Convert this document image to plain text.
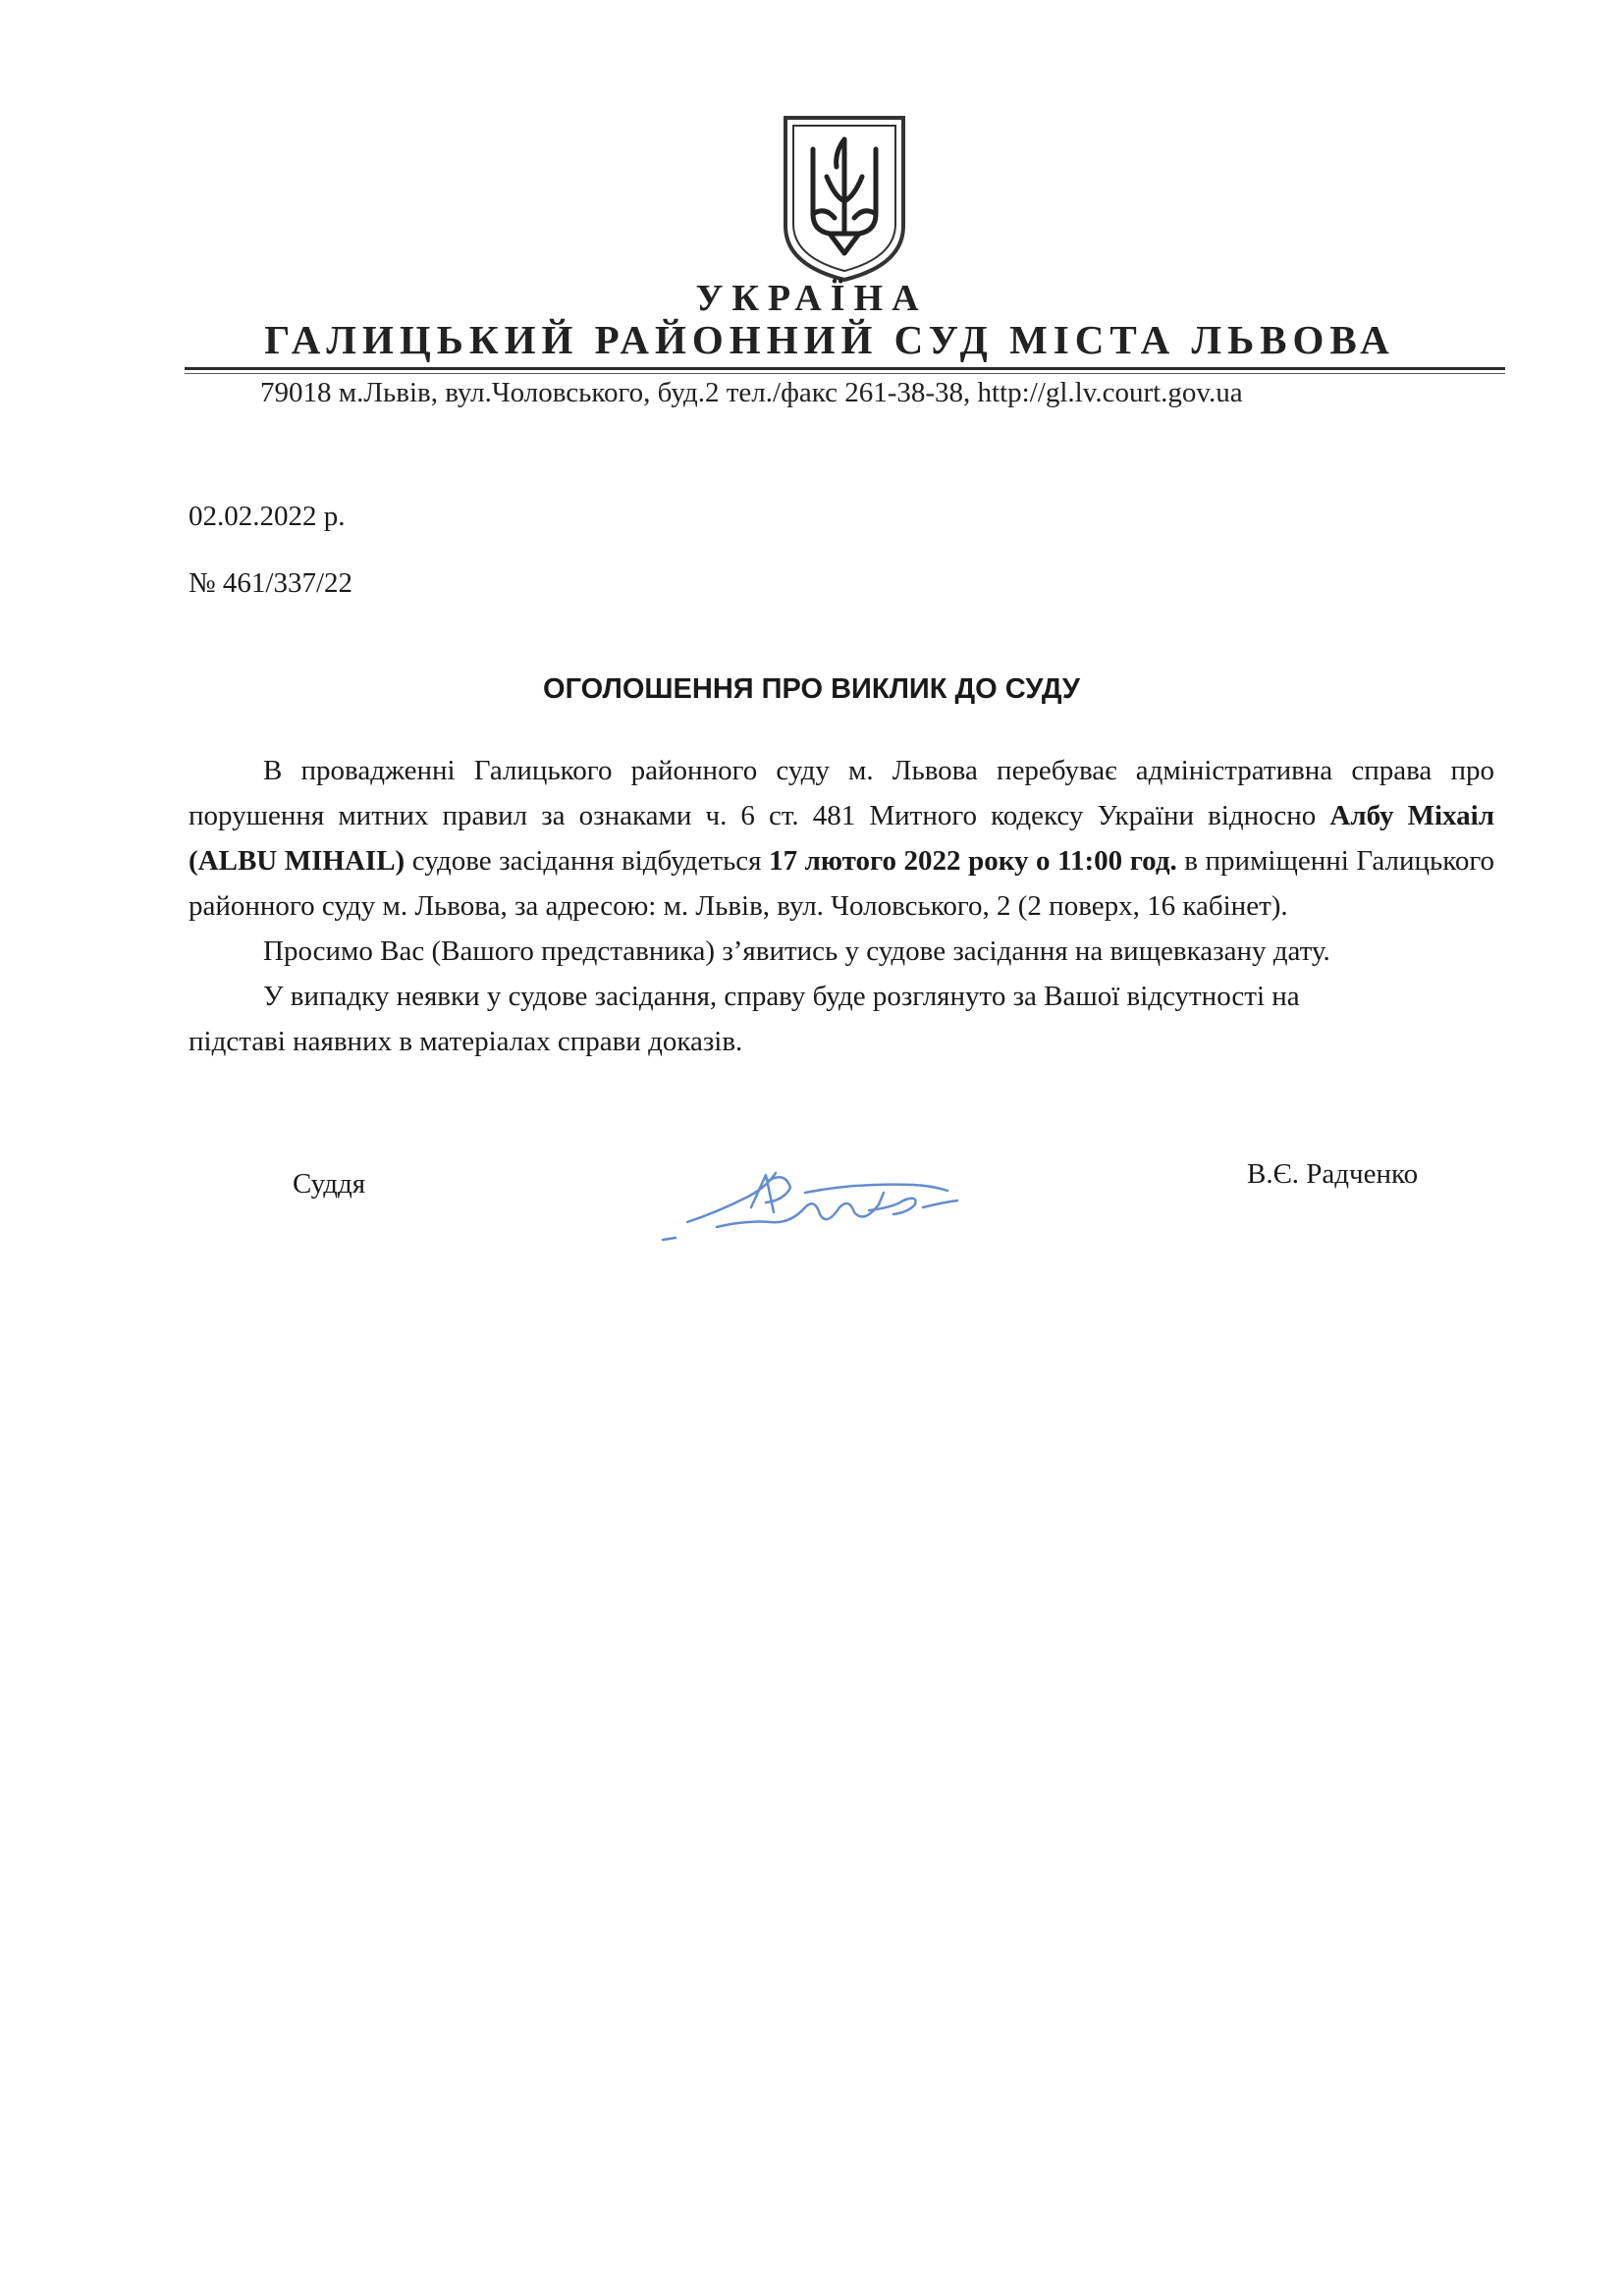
УКРАЇНА
ГАЛИЦЬКИЙ РАЙОННИЙ СУД МІСТА ЛЬВОВА
79018 м.Львів, вул.Чоловського, буд.2 тел./факс 261-38-38, http://gl.lv.court.gov.ua
02.02.2022 р.
№ 461/337/22
ОГОЛОШЕННЯ ПРО ВИКЛИК ДО СУДУ

В провадженні Галицького районного суду м. Львова перебуває адміністративна справа про порушення митних правил за ознаками ч. 6 ст. 481 Митного кодексу України відносно Албу Міхаіл (ALBU MIHAIL) судове засідання відбудеться 17 лютого 2022 року о 11:00 год. в приміщенні Галицького районного суду м. Львова, за адресою: м. Львів, вул. Чоловського, 2 (2 поверх, 16 кабінет).

Просимо Вас (Вашого представника) з’явитись у судове засідання на вищевказану дату.

У випадку неявки у судове засідання, справу буде розглянуто за Вашої відсутності на

підставі наявних в матеріалах справи доказів.

Суддя	В.Є. Радченко
